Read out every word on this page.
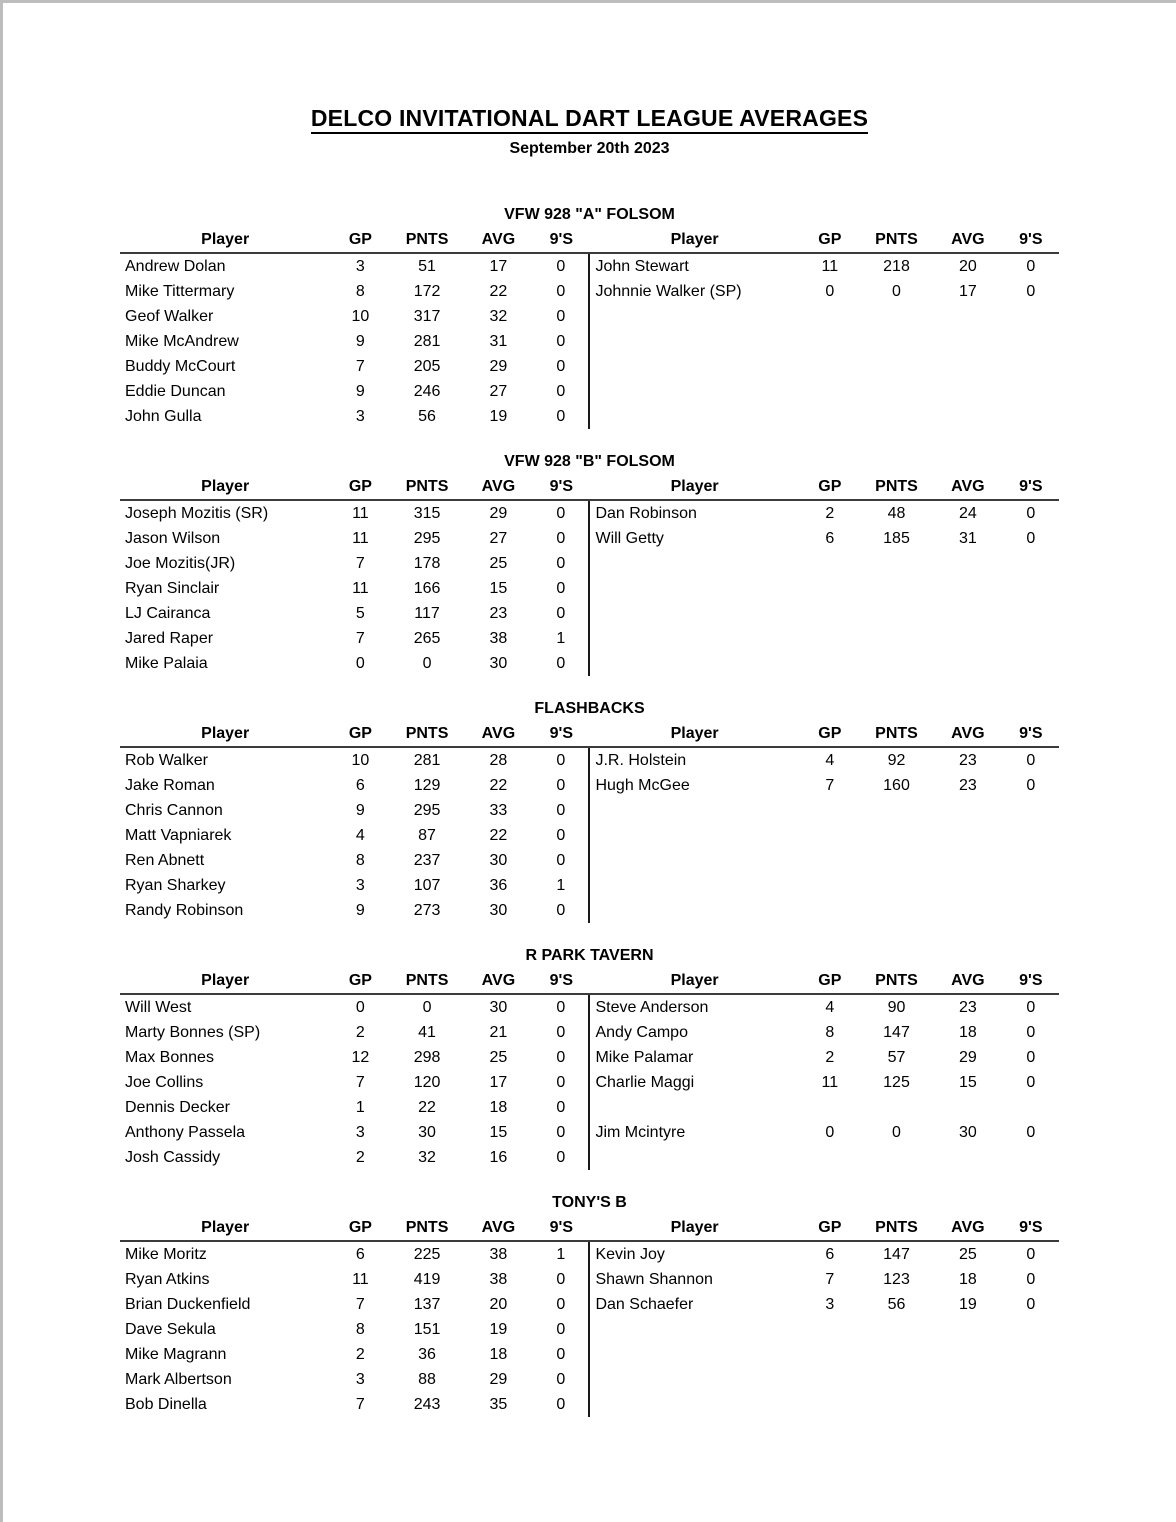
DELCO INVITATIONAL DART LEAGUE AVERAGES
September 20th 2023
VFW 928 "A" FOLSOM
Player	GP	PNTS	AVG	9'S	Player	GP	PNTS	AVG	9'S
Andrew Dolan	3	51	17	0	John Stewart	11	218	20	0
Mike Tittermary	8	172	22	0	Johnnie Walker (SP)	0	0	17	0
Geof Walker	10	317	32	0					
Mike McAndrew	9	281	31	0					
Buddy McCourt	7	205	29	0					
Eddie Duncan	9	246	27	0					
John Gulla	3	56	19	0					
VFW 928 "B" FOLSOM
Player	GP	PNTS	AVG	9'S	Player	GP	PNTS	AVG	9'S
Joseph Mozitis (SR)	11	315	29	0	Dan Robinson	2	48	24	0
Jason Wilson	11	295	27	0	Will Getty	6	185	31	0
Joe Mozitis(JR)	7	178	25	0					
Ryan Sinclair	11	166	15	0					
LJ Cairanca	5	117	23	0					
Jared Raper	7	265	38	1					
Mike Palaia	0	0	30	0					
FLASHBACKS
Player	GP	PNTS	AVG	9'S	Player	GP	PNTS	AVG	9'S
Rob Walker	10	281	28	0	J.R. Holstein	4	92	23	0
Jake Roman	6	129	22	0	Hugh McGee	7	160	23	0
Chris Cannon	9	295	33	0					
Matt Vapniarek	4	87	22	0					
Ren Abnett	8	237	30	0					
Ryan Sharkey	3	107	36	1					
Randy Robinson	9	273	30	0					
R PARK TAVERN
Player	GP	PNTS	AVG	9'S	Player	GP	PNTS	AVG	9'S
Will West	0	0	30	0	Steve Anderson	4	90	23	0
Marty Bonnes (SP)	2	41	21	0	Andy Campo	8	147	18	0
Max Bonnes	12	298	25	0	Mike Palamar	2	57	29	0
Joe Collins	7	120	17	0	Charlie Maggi	11	125	15	0
Dennis Decker	1	22	18	0					
Anthony Passela	3	30	15	0	Jim Mcintyre	0	0	30	0
Josh Cassidy	2	32	16	0					
TONY'S B
Player	GP	PNTS	AVG	9'S	Player	GP	PNTS	AVG	9'S
Mike Moritz	6	225	38	1	Kevin Joy	6	147	25	0
Ryan Atkins	11	419	38	0	Shawn Shannon	7	123	18	0
Brian Duckenfield	7	137	20	0	Dan Schaefer	3	56	19	0
Dave Sekula	8	151	19	0					
Mike Magrann	2	36	18	0					
Mark Albertson	3	88	29	0					
Bob Dinella	7	243	35	0					
